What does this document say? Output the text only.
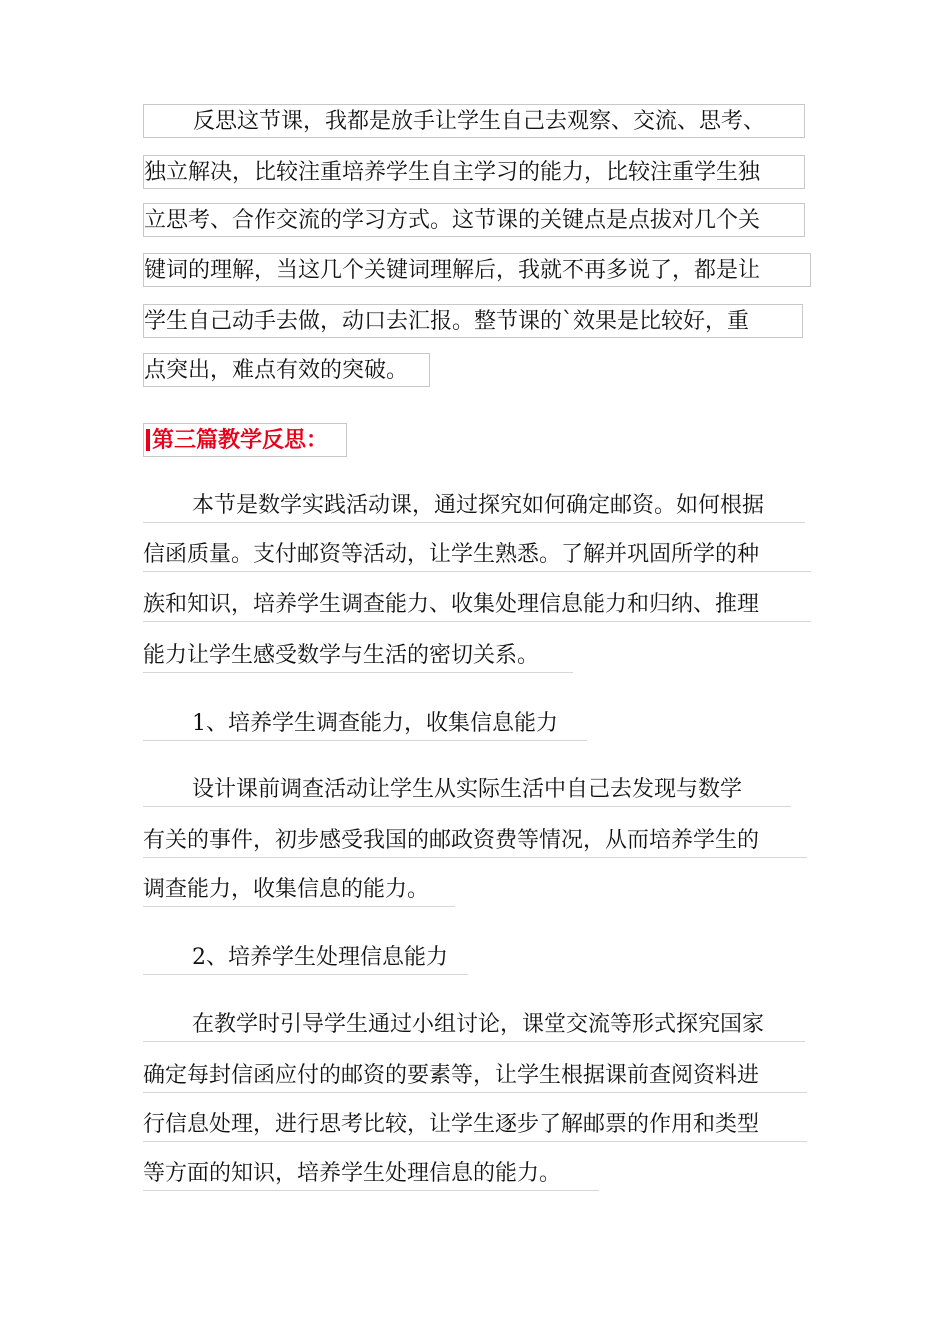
反思这节课，我都是放手让学生自己去观察、交流、思考、
独立解决，比较注重培养学生自主学习的能力，比较注重学生独
立思考、合作交流的学习方式。这节课的关键点是点拔对几个关
键词的理解，当这几个关键词理解后，我就不再多说了，都是让
学生自己动手去做，动口去汇报。整节课的`效果是比较好，重
点突出，难点有效的突破。
第三篇教学反思：
本节是数学实践活动课，通过探究如何确定邮资。如何根据
信函质量。支付邮资等活动，让学生熟悉。了解并巩固所学的种
族和知识，培养学生调查能力、收集处理信息能力和归纳、推理
能力让学生感受数学与生活的密切关系。
1、培养学生调查能力，收集信息能力
设计课前调查活动让学生从实际生活中自己去发现与数学
有关的事件，初步感受我国的邮政资费等情况，从而培养学生的
调查能力，收集信息的能力。
2、培养学生处理信息能力
在教学时引导学生通过小组讨论，课堂交流等形式探究国家
确定每封信函应付的邮资的要素等，让学生根据课前查阅资料进
行信息处理，进行思考比较，让学生逐步了解邮票的作用和类型
等方面的知识，培养学生处理信息的能力。
